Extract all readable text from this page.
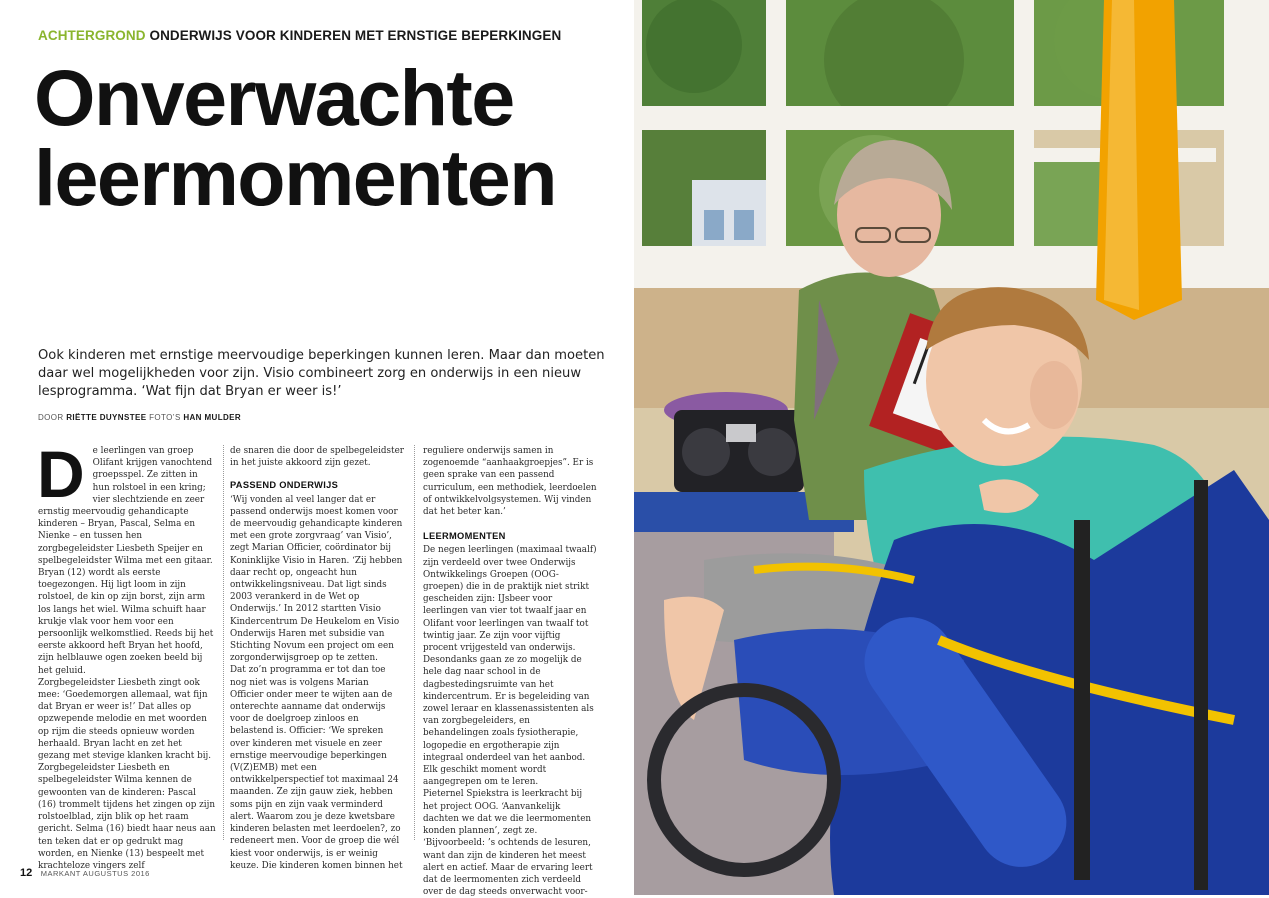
ACHTERGROND ONDERWIJS VOOR KINDEREN MET ERNSTIGE BEPERKINGEN
Onverwachte
leermomenten

Ook kinderen met ernstige meervoudige beperkingen kunnen leren. Maar dan moeten daar wel mogelijkheden voor zijn. Visio combineert zorg en onderwijs in een nieuw lesprogramma. ‘Wat fijn dat Bryan er weer is!’

DOOR RIËTTE DUYNSTEE FOTO’S HAN MULDER

De leerlingen van groep Olifant krijgen vanochtend groepsspel. Ze zitten in hun rolstoel in een kring; vier slechtziende en zeer ernstig meervoudig gehandicapte kinderen – Bryan, Pascal, Selma en Nienke – en tussen hen zorgbegeleidster Liesbeth Speijer en spelbegeleidster Wilma met een gitaar. Bryan (12) wordt als eerste toegezongen. Hij ligt loom in zijn rolstoel, de kin op zijn borst, zijn arm los langs het wiel. Wilma schuift haar krukje vlak voor hem voor een persoonlijk welkomstlied. Reeds bij het eerste akkoord heft Bryan het hoofd, zijn helblauwe ogen zoeken beeld bij het geluid.

Zorgbegeleidster Liesbeth zingt ook mee: ‘Goedemorgen allemaal, wat fijn dat Bryan er weer is!’ Dat alles op opzwepende melodie en met woorden op rijm die steeds opnieuw worden herhaald. Bryan lacht en zet het gezang met stevige klanken kracht bij. Zorgbegeleidster Liesbeth en spelbegeleidster Wilma kennen de gewoonten van de kinderen: Pascal (16) trommelt tijdens het zingen op zijn rolstoelblad, zijn blik op het raam gericht. Selma (16) biedt haar neus aan ten teken dat er op gedrukt mag worden, en Nienke (13) bespeelt met krachteloze vingers zelf

de snaren die door de spelbegeleidster in het juiste akkoord zijn gezet.

PASSEND ONDERWIJS

‘Wij vonden al veel langer dat er passend onderwijs moest komen voor de meervoudig gehandicapte kinderen met een grote zorgvraag’ van Visio’, zegt Marian Officier, coördinator bij Koninklijke Visio in Haren. ‘Zij hebben daar recht op, ongeacht hun ontwikkelingsniveau. Dat ligt sinds 2003 verankerd in de Wet op Onderwijs.’ In 2012 startten Visio Kindercentrum De Heukelom en Visio Onderwijs Haren met subsidie van Stichting Novum een project om een zorgonderwijsgroep op te zetten.

Dat zo’n programma er tot dan toe nog niet was is volgens Marian Officier onder meer te wijten aan de onterechte aanname dat onderwijs voor de doelgroep zinloos en belastend is. Officier: ‘We spreken over kinderen met visuele en zeer ernstige meervoudige beperkingen (V(Z)EMB) met een ontwikkelperspectief tot maximaal 24 maanden. Ze zijn gauw ziek, hebben soms pijn en zijn vaak verminderd alert. Waarom zou je deze kwetsbare kinderen belasten met leerdoelen?, zo redeneert men. Voor de groep die wél kiest voor onderwijs, is er weinig keuze. Die kinderen komen binnen het

reguliere onderwijs samen in zogenoemde “aanhaakgroepjes”. Er is geen sprake van een passend curriculum, een methodiek, leerdoelen of ontwikkelvolgsystemen. Wij vinden dat het beter kan.’

LEERMOMENTEN

De negen leerlingen (maximaal twaalf) zijn verdeeld over twee Onderwijs Ontwikkelings Groepen (OOG-groepen) die in de praktijk niet strikt gescheiden zijn: IJsbeer voor leerlingen van vier tot twaalf jaar en Olifant voor leerlingen van twaalf tot twintig jaar. Ze zijn voor vijftig procent vrijgesteld van onderwijs. Desondanks gaan ze zo mogelijk de hele dag naar school in de dagbestedingsruimte van het kindercentrum. Er is begeleiding van zowel leraar en klassenassistenten als van zorgbegeleiders, en behandelingen zoals fysiotherapie, logopedie en ergotherapie zijn integraal onderdeel van het aanbod. Elk geschikt moment wordt aangegrepen om te leren.

Pieternel Spiekstra is leerkracht bij het project OOG. ‘Aanvankelijk dachten we dat we die leermomenten konden plannen’, zegt ze. ‘Bijvoorbeeld: ’s ochtends de lesuren, want dan zijn de kinderen het meest alert en actief. Maar de ervaring leert dat de leermomenten zich verdeeld over de dag steeds onverwacht voor-

12 MARKANT AUGUSTUS 2016
